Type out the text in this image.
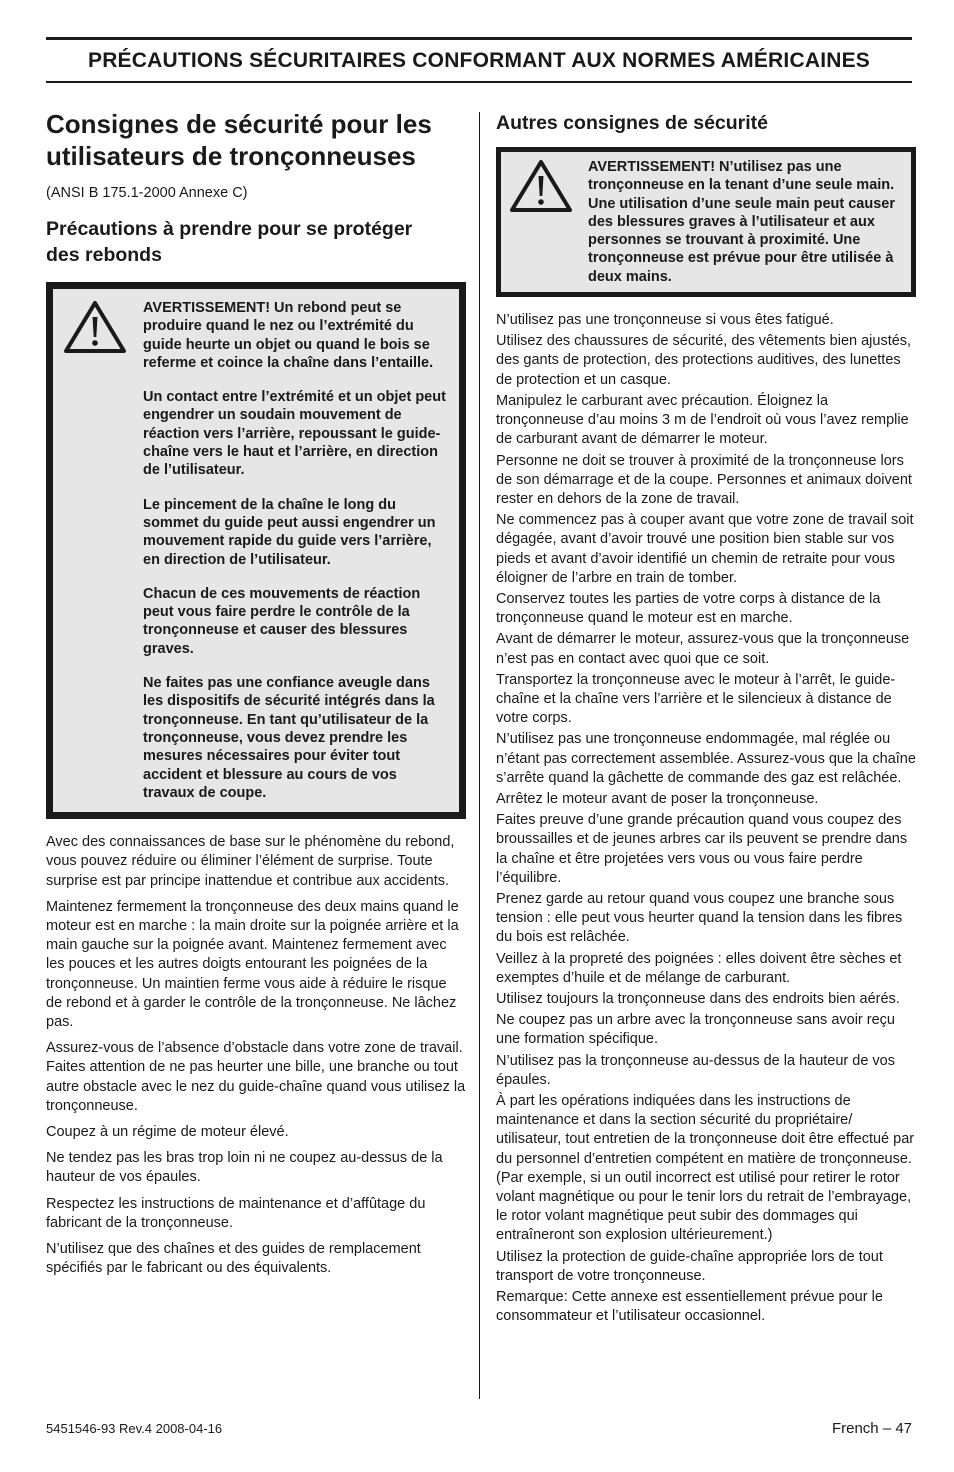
PRÉCAUTIONS SÉCURITAIRES CONFORMANT AUX NORMES AMÉRICAINES
Consignes de sécurité pour les
utilisateurs de tronçonneuses

(ANSI B 175.1-2000 Annexe C)

Précautions à prendre pour se protéger
des rebonds

AVERTISSEMENT! Un rebond peut se produire quand le nez ou l’extrémité du guide heurte un objet ou quand le bois se referme et coince la chaîne dans l’entaille.

Un contact entre l’extrémité et un objet peut engendrer un soudain mouvement de réaction vers l’arrière, repoussant le guide-chaîne vers le haut et l’arrière, en direction de l’utilisateur.

Le pincement de la chaîne le long du sommet du guide peut aussi engendrer un mouvement rapide du guide vers l’arrière, en direction de l’utilisateur.

Chacun de ces mouvements de réaction peut vous faire perdre le contrôle de la tronçonneuse et causer des blessures graves.

Ne faites pas une confiance aveugle dans les dispositifs de sécurité intégrés dans la tronçonneuse. En tant qu’utilisateur de la tronçonneuse, vous devez prendre les mesures nécessaires pour éviter tout accident et blessure au cours de vos travaux de coupe.

Avec des connaissances de base sur le phénomène du rebond, vous pouvez réduire ou éliminer l’élément de surprise. Toute surprise est par principe inattendue et contribue aux accidents.

Maintenez fermement la tronçonneuse des deux mains quand le moteur est en marche : la main droite sur la poignée arrière et la main gauche sur la poignée avant. Maintenez fermement avec les pouces et les autres doigts entourant les poignées de la tronçonneuse. Un maintien ferme vous aide à réduire le risque de rebond et à garder le contrôle de la tronçonneuse. Ne lâchez pas.

Assurez-vous de l’absence d’obstacle dans votre zone de travail. Faites attention de ne pas heurter une bille, une branche ou tout autre obstacle avec le nez du guide-chaîne quand vous utilisez la tronçonneuse.

Coupez à un régime de moteur élevé.

Ne tendez pas les bras trop loin ni ne coupez au-dessus de la hauteur de vos épaules.

Respectez les instructions de maintenance et d’affûtage du fabricant de la tronçonneuse.

N’utilisez que des chaînes et des guides de remplacement spécifiés par le fabricant ou des équivalents.

Autres consignes de sécurité
AVERTISSEMENT! N’utilisez pas une tronçonneuse en la tenant d’une seule main. Une utilisation d’une seule main peut causer des blessures graves à l’utilisateur et aux personnes se trouvant à proximité. Une tronçonneuse est prévue pour être utilisée à deux mains.

N’utilisez pas une tronçonneuse si vous êtes fatigué.

Utilisez des chaussures de sécurité, des vêtements bien ajustés, des gants de protection, des protections auditives, des lunettes de protection et un casque.

Manipulez le carburant avec précaution. Éloignez la tronçonneuse d’au moins 3 m de l’endroit où vous l’avez remplie de carburant avant de démarrer le moteur.

Personne ne doit se trouver à proximité de la tronçonneuse lors de son démarrage et de la coupe. Personnes et animaux doivent rester en dehors de la zone de travail.

Ne commencez pas à couper avant que votre zone de travail soit dégagée, avant d’avoir trouvé une position bien stable sur vos pieds et avant d’avoir identifié un chemin de retraite pour vous éloigner de l’arbre en train de tomber.

Conservez toutes les parties de votre corps à distance de la tronçonneuse quand le moteur est en marche.

Avant de démarrer le moteur, assurez-vous que la tronçonneuse n’est pas en contact avec quoi que ce soit.

Transportez la tronçonneuse avec le moteur à l’arrêt, le guide-chaîne et la chaîne vers l’arrière et le silencieux à distance de votre corps.

N’utilisez pas une tronçonneuse endommagée, mal réglée ou n’étant pas correctement assemblée. Assurez-vous que la chaîne s’arrête quand la gâchette de commande des gaz est relâchée.

Arrêtez le moteur avant de poser la tronçonneuse.

Faites preuve d’une grande précaution quand vous coupez des broussailles et de jeunes arbres car ils peuvent se prendre dans la chaîne et être projetées vers vous ou vous faire perdre l’équilibre.

Prenez garde au retour quand vous coupez une branche sous tension : elle peut vous heurter quand la tension dans les fibres du bois est relâchée.

Veillez à la propreté des poignées : elles doivent être sèches et exemptes d’huile et de mélange de carburant.

Utilisez toujours la tronçonneuse dans des endroits bien aérés.

Ne coupez pas un arbre avec la tronçonneuse sans avoir reçu une formation spécifique.

N’utilisez pas la tronçonneuse au-dessus de la hauteur de vos épaules.

À part les opérations indiquées dans les instructions de maintenance et dans la section sécurité du propriétaire/ utilisateur, tout entretien de la tronçonneuse doit être effectué par du personnel d’entretien compétent en matière de tronçonneuse. (Par exemple, si un outil incorrect est utilisé pour retirer le rotor volant magnétique ou pour le tenir lors du retrait de l’embrayage, le rotor volant magnétique peut subir des dommages qui entraîneront son explosion ultérieurement.)

Utilisez la protection de guide-chaîne appropriée lors de tout transport de votre tronçonneuse.

Remarque: Cette annexe est essentiellement prévue pour le consommateur et l’utilisateur occasionnel.

5451546-93 Rev.4 2008-04-16	French – 47
